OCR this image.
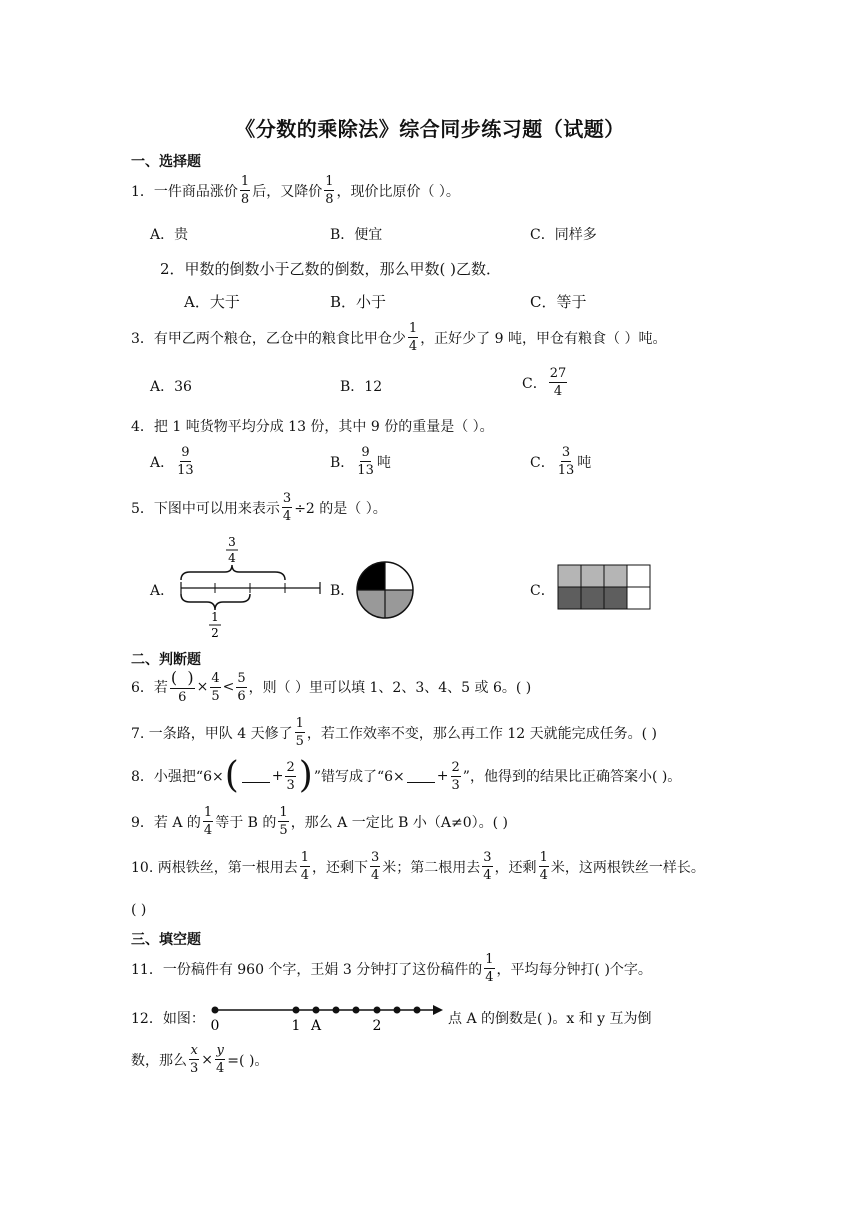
《分数的乘除法》综合同步练习题（试题）
一、选择题
1． 一件商品涨价 $\frac{1}{8}$ 后，又降价 $\frac{1}{8}$ ，现价比原价（ ）。
A．贵	B．便宜	C．同样多
2．甲数的倒数小于乙数的倒数，那么甲数( )乙数．
A．大于	B．小于	C．等于
3．有甲乙两个粮仓，乙仓中的粮食比甲仓少 $\frac{1}{4}$ ，正好少了 9 吨，甲仓有粮食（ ）吨。
A．36	B．12	C． $\frac{27}{4}$
4．把 1 吨货物平均分成 13 份，其中 9 份的重量是（ ）。
A． $\frac{9}{13}$	B． $\frac{9}{13}$ 吨	C． $\frac{3}{13}$ 吨
5．下图中可以用来表示 $\frac{3}{4} \div 2$ 的是（ ）。
A．
3
4
1
2
B．	C．
二、判断题
6．若 $\frac{( )}{6} \times \frac{4}{5} < \frac{5}{6}$ ，则（ ）里可以填 1、2、3、4、5 或 6。( )
7. 一条路，甲队 4 天修了 $\frac{1}{5}$ ，若工作效率不变，那么再工作 12 天就能完成任务。( )
8．小强把“6× ( + $\frac{2}{3}$ ) ”错写成了“$6\times + \frac{2}{3}$ ”，他得到的结果比正确答案小( )。
9．若 A 的 $\frac{1}{4}$ 等于 B 的 $\frac{1}{5}$ ，那么 A 一定比 B 小（A≠0）。( )
10. 两根铁丝，第一根用去 $\frac{1}{4}$ ，还剩下 $\frac{3}{4}$ 米；第二根用去 $\frac{3}{4}$ ，还剩 $\frac{1}{4}$ 米，这两根铁丝一样长。
( )
三、填空题
11．一份稿件有 960 个字，王娟 3 分钟打了这份稿件的 $\frac{1}{4}$ ，平均每分钟打( )个字。
12．如图： 0	1 A	2	点 A 的倒数是( )。x 和 y 互为倒
数，那么 $\frac{x}{3} \times \frac{y}{4}$ =( )。
